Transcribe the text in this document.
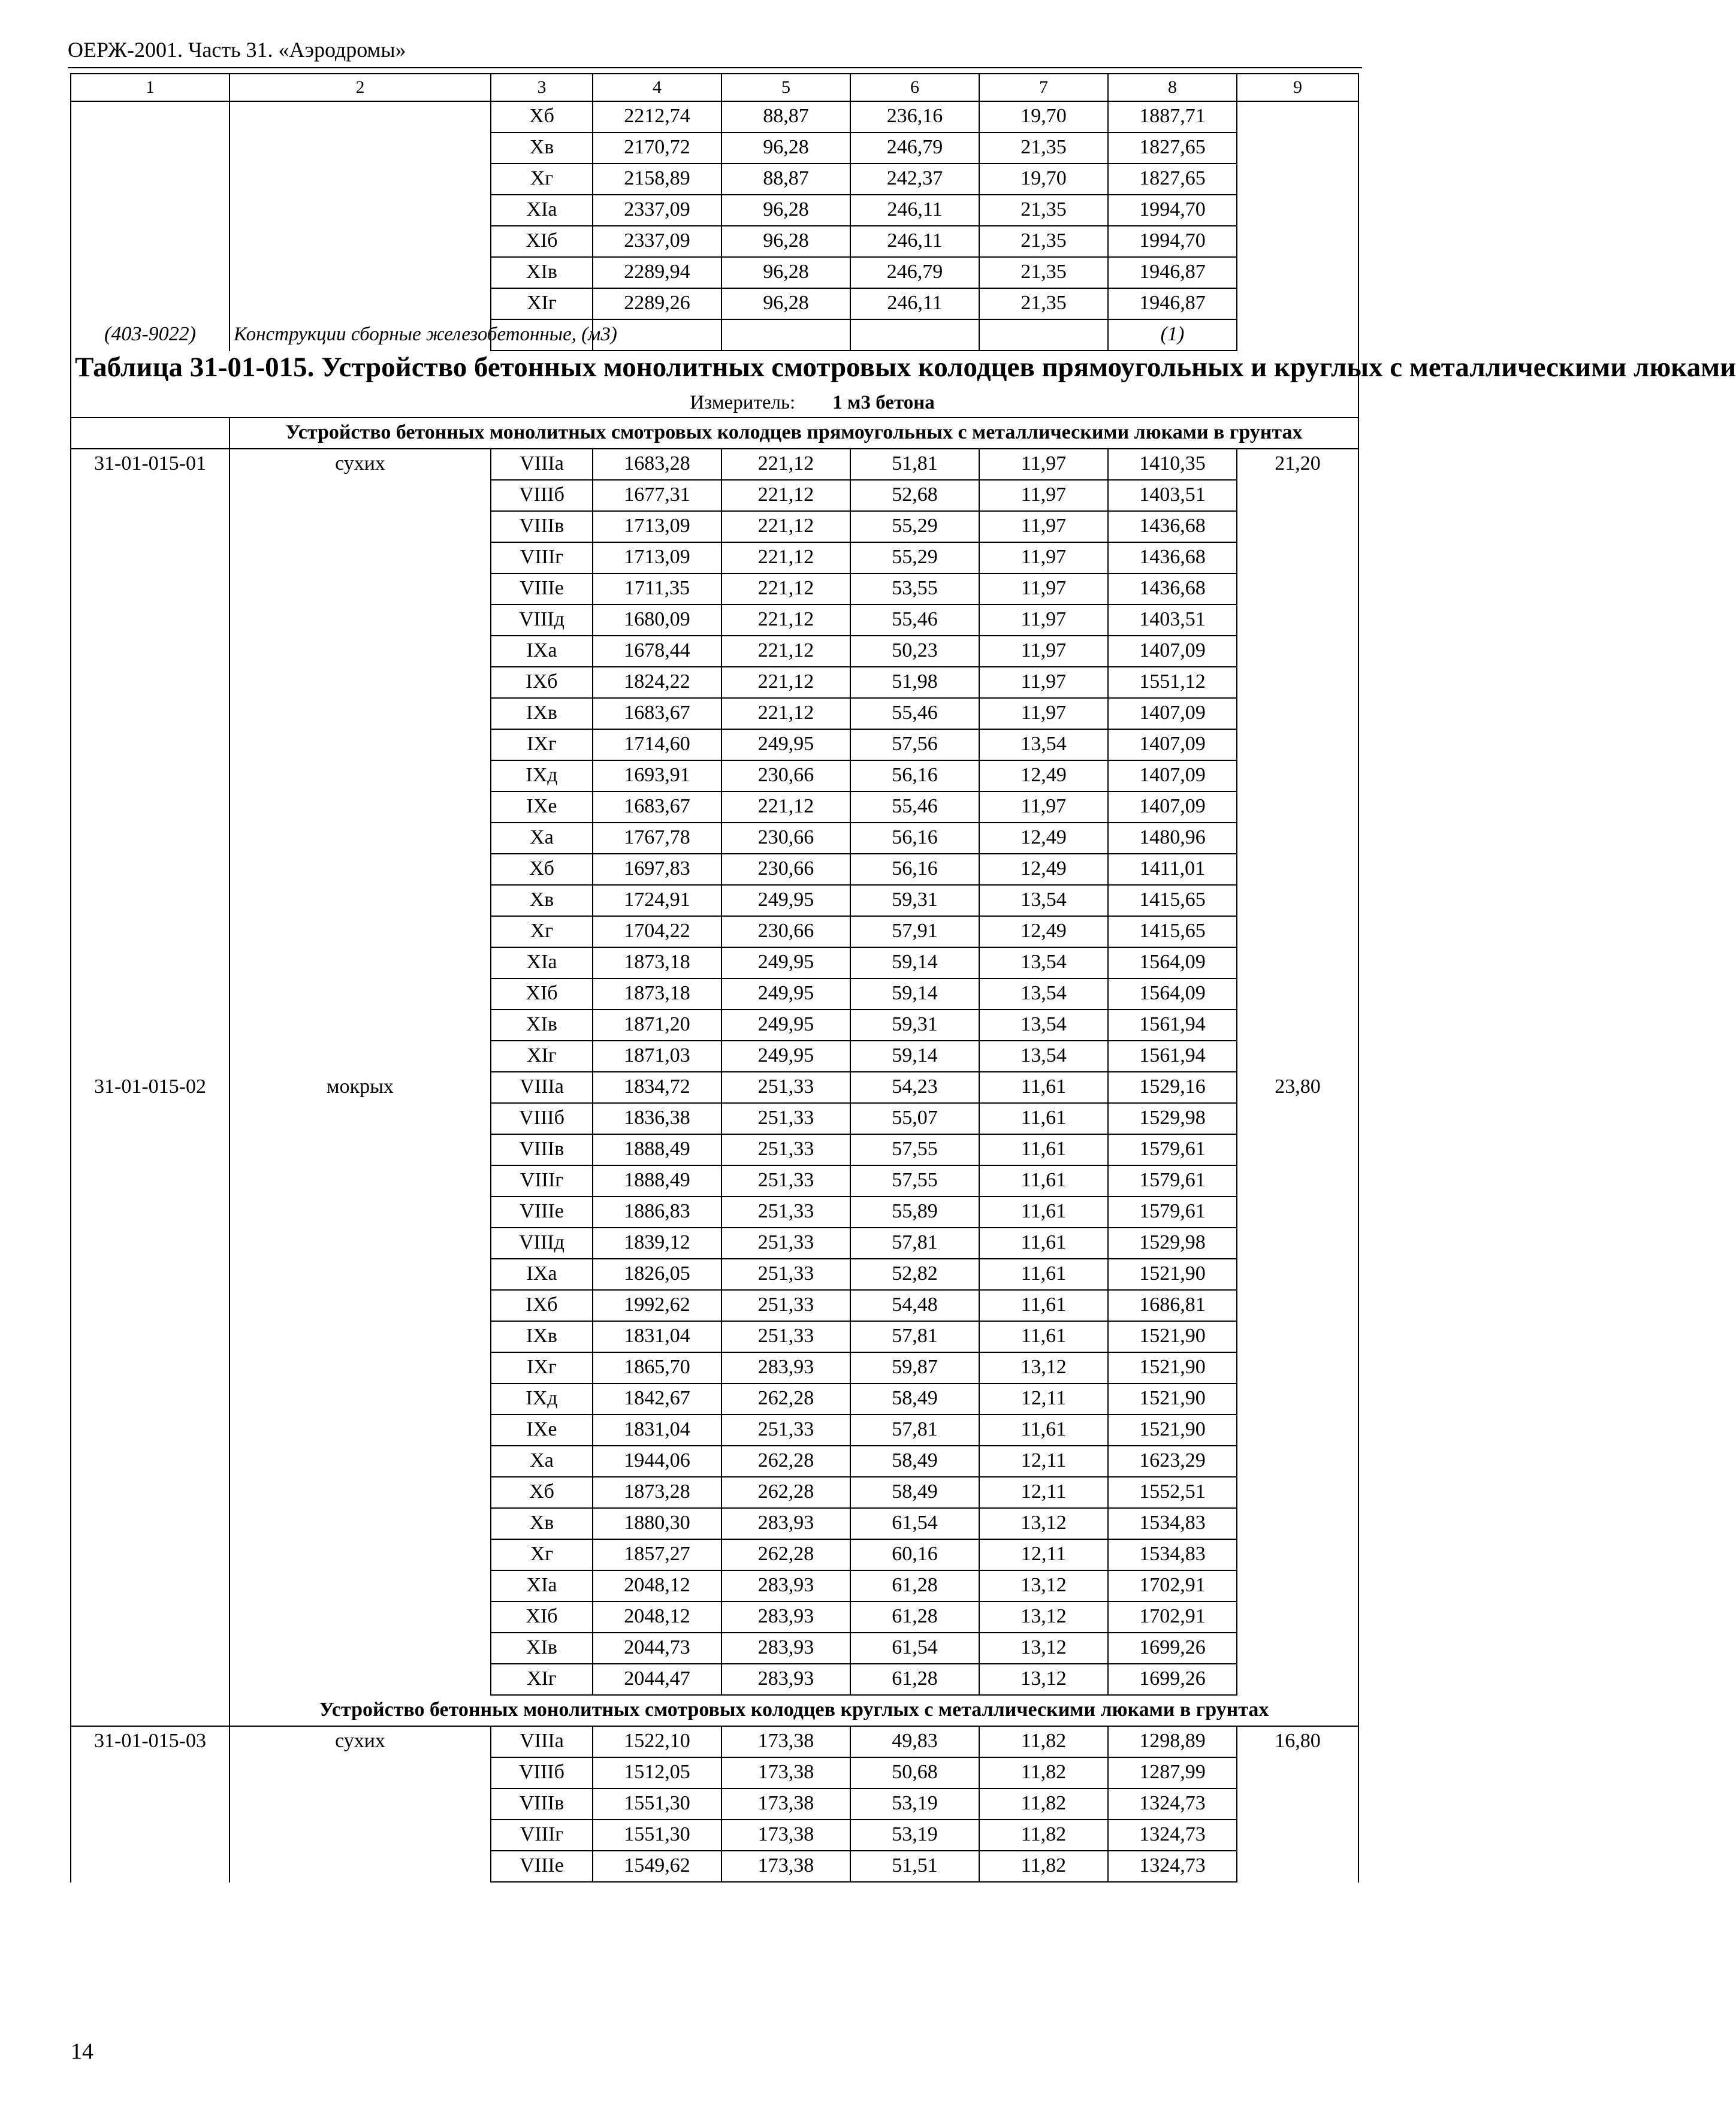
ОЕРЖ-2001. Часть 31. «Аэродромы»
1	2	3	4	5	6	7	8	9
		Xб	2212,74	88,87	236,16	19,70	1887,71	
		Xв	2170,72	96,28	246,79	21,35	1827,65	
		Xг	2158,89	88,87	242,37	19,70	1827,65	
		XIа	2337,09	96,28	246,11	21,35	1994,70	
		XIб	2337,09	96,28	246,11	21,35	1994,70	
		XIв	2289,94	96,28	246,79	21,35	1946,87	
		XIг	2289,26	96,28	246,11	21,35	1946,87	
(403-9022)	Конструкции сборные железобетонные, (м3)						(1)	

Таблица 31-01-015. Устройство бетонных монолитных смотровых колодцев прямоугольных и круглых с металлическими люками
Измеритель: 1 м3 бетона								

	Устройство бетонных монолитных смотровых колодцев прямоугольных с металлическими люками в грунтах							
31-01-015-01	сухих	VIIIа	1683,28	221,12	51,81	11,97	1410,35	21,20
		VIIIб	1677,31	221,12	52,68	11,97	1403,51	
		VIIIв	1713,09	221,12	55,29	11,97	1436,68	
		VIIIг	1713,09	221,12	55,29	11,97	1436,68	
		VIIIе	1711,35	221,12	53,55	11,97	1436,68	
		VIIIд	1680,09	221,12	55,46	11,97	1403,51	
		IXа	1678,44	221,12	50,23	11,97	1407,09	
		IXб	1824,22	221,12	51,98	11,97	1551,12	
		IXв	1683,67	221,12	55,46	11,97	1407,09	
		IXг	1714,60	249,95	57,56	13,54	1407,09	
		IXд	1693,91	230,66	56,16	12,49	1407,09	
		IXе	1683,67	221,12	55,46	11,97	1407,09	
		Xа	1767,78	230,66	56,16	12,49	1480,96	
		Xб	1697,83	230,66	56,16	12,49	1411,01	
		Xв	1724,91	249,95	59,31	13,54	1415,65	
		Xг	1704,22	230,66	57,91	12,49	1415,65	
		XIа	1873,18	249,95	59,14	13,54	1564,09	
		XIб	1873,18	249,95	59,14	13,54	1564,09	
		XIв	1871,20	249,95	59,31	13,54	1561,94	
		XIг	1871,03	249,95	59,14	13,54	1561,94	
31-01-015-02	мокрых	VIIIа	1834,72	251,33	54,23	11,61	1529,16	23,80
		VIIIб	1836,38	251,33	55,07	11,61	1529,98	
		VIIIв	1888,49	251,33	57,55	11,61	1579,61	
		VIIIг	1888,49	251,33	57,55	11,61	1579,61	
		VIIIе	1886,83	251,33	55,89	11,61	1579,61	
		VIIIд	1839,12	251,33	57,81	11,61	1529,98	
		IXа	1826,05	251,33	52,82	11,61	1521,90	
		IXб	1992,62	251,33	54,48	11,61	1686,81	
		IXв	1831,04	251,33	57,81	11,61	1521,90	
		IXг	1865,70	283,93	59,87	13,12	1521,90	
		IXд	1842,67	262,28	58,49	12,11	1521,90	
		IXе	1831,04	251,33	57,81	11,61	1521,90	
		Xа	1944,06	262,28	58,49	12,11	1623,29	
		Xб	1873,28	262,28	58,49	12,11	1552,51	
		Xв	1880,30	283,93	61,54	13,12	1534,83	
		Xг	1857,27	262,28	60,16	12,11	1534,83	
		XIа	2048,12	283,93	61,28	13,12	1702,91	
		XIб	2048,12	283,93	61,28	13,12	1702,91	
		XIв	2044,73	283,93	61,54	13,12	1699,26	
		XIг	2044,47	283,93	61,28	13,12	1699,26	
	Устройство бетонных монолитных смотровых колодцев круглых с металлическими люками в грунтах							
31-01-015-03	сухих	VIIIа	1522,10	173,38	49,83	11,82	1298,89	16,80
		VIIIб	1512,05	173,38	50,68	11,82	1287,99	
		VIIIв	1551,30	173,38	53,19	11,82	1324,73	
		VIIIг	1551,30	173,38	53,19	11,82	1324,73	
		VIIIе	1549,62	173,38	51,51	11,82	1324,73	
14
